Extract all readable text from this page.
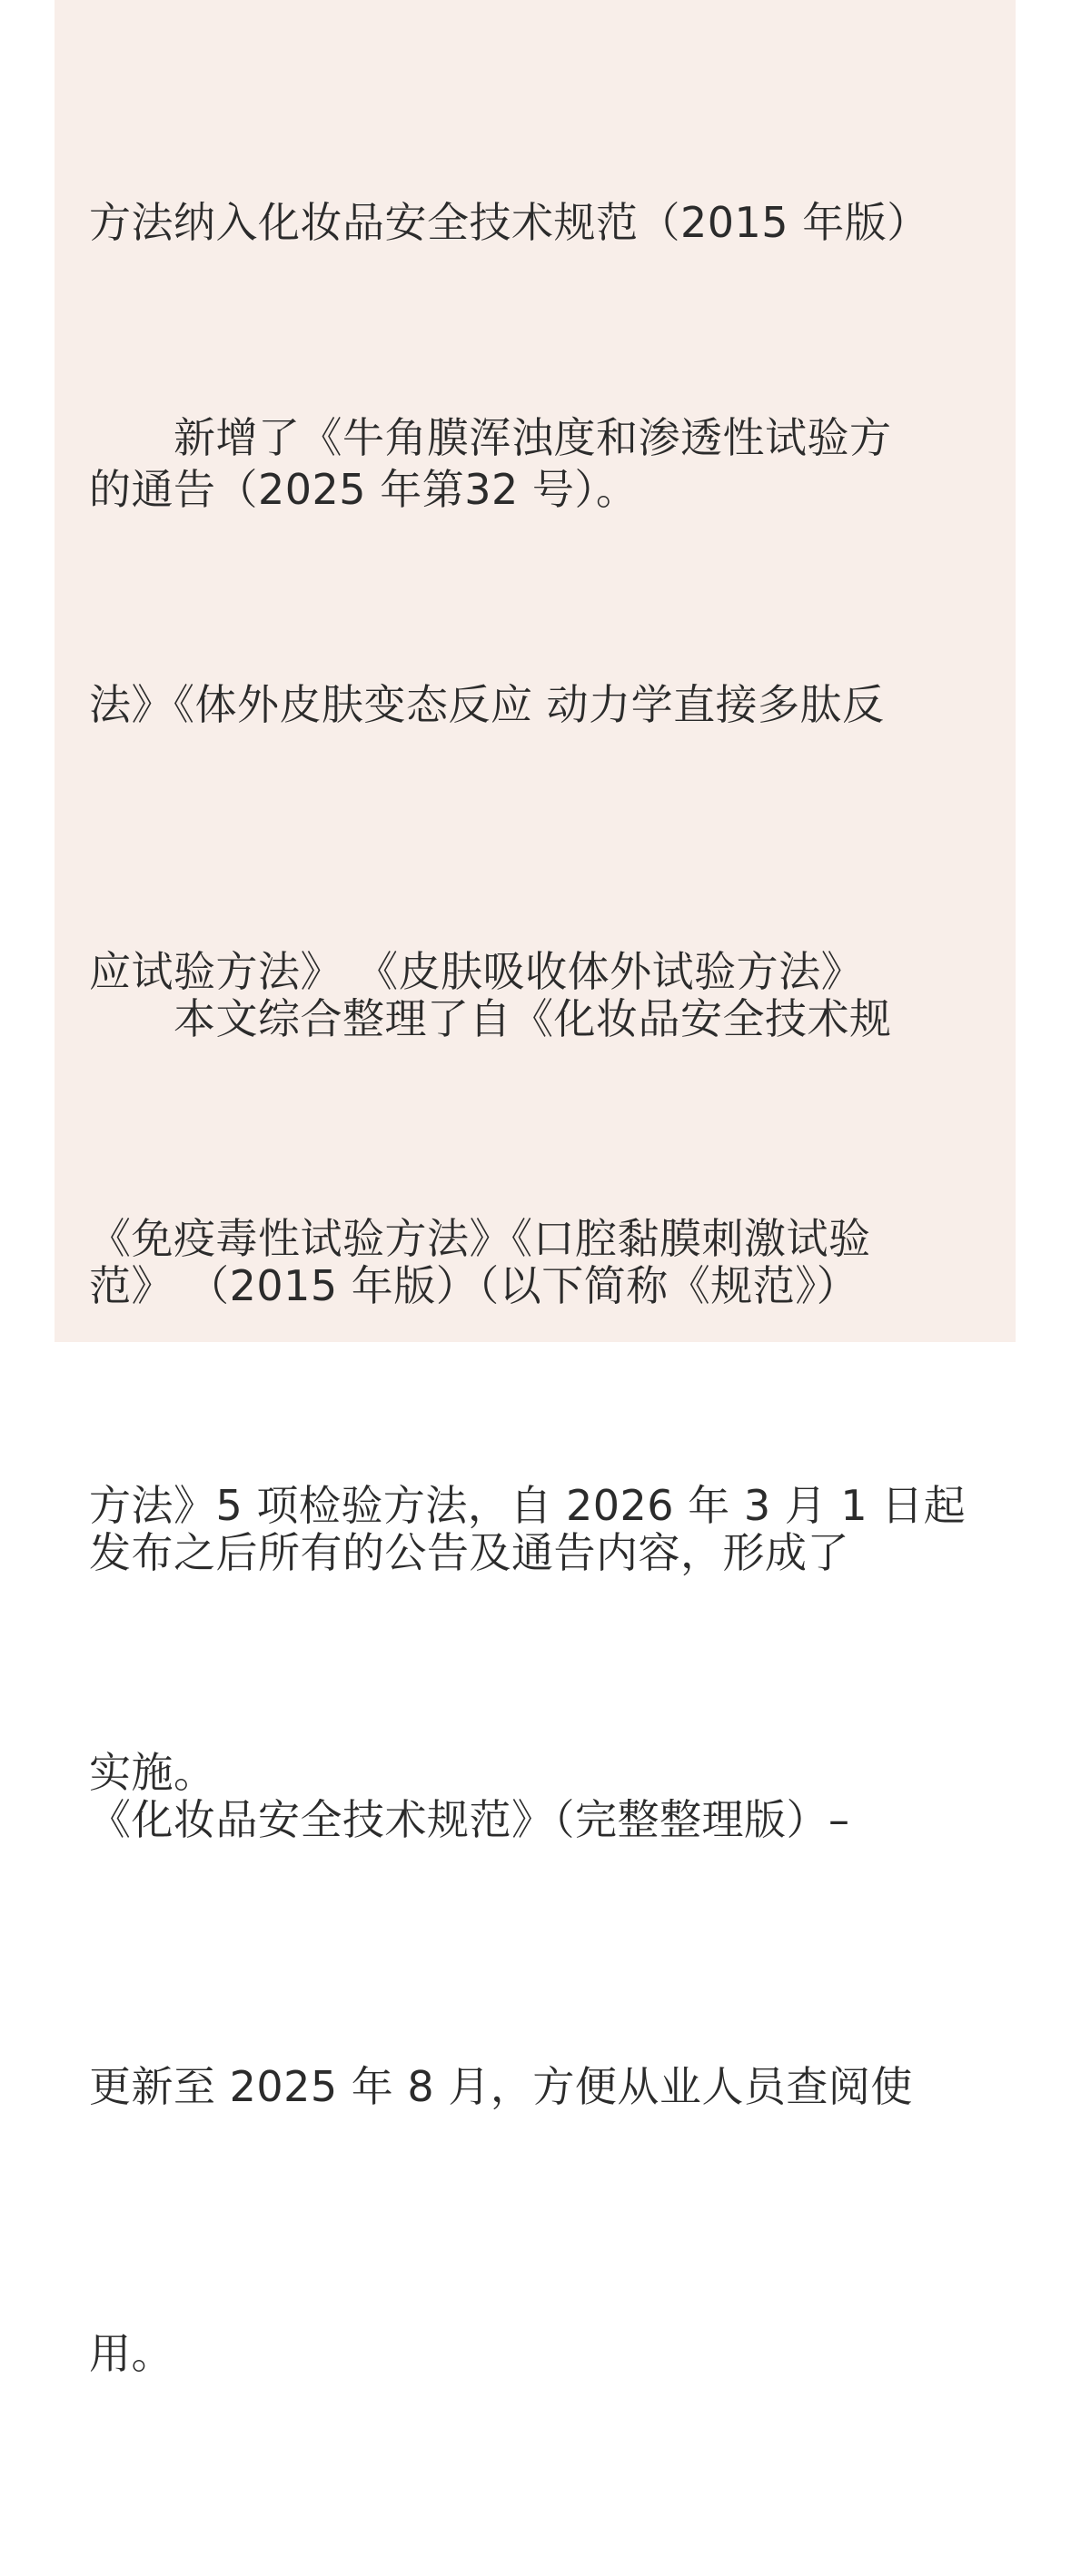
方法纳入化妆品安全技术规范（2015 年版）

的通告（2025 年第32 号）。

　　新增了《牛角膜浑浊度和渗透性试验方

法》《体外皮肤变态反应 动力学直接多肽反

应试验方法》 《皮肤吸收体外试验方法》

《免疫毒性试验方法》《口腔黏膜刺激试验

方法》5 项检验方法，自 2026 年 3 月 1 日起

实施。

　　本文综合整理了自《化妆品安全技术规

范》 （2015 年版）（以下简称《规范》）

发布之后所有的公告及通告内容，形成了

《化妆品安全技术规范》（完整整理版）–

更新至 2025 年 8 月，方便从业人员查阅使

用。
